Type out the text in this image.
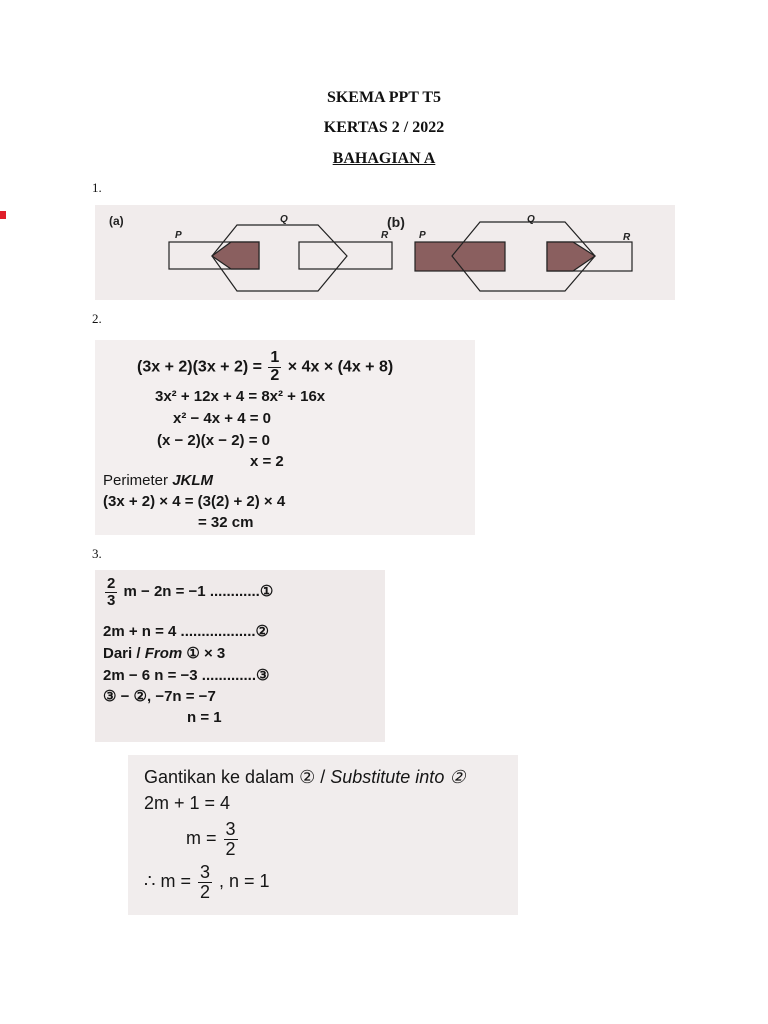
SKEMA PPT T5
KERTAS 2 / 2022
BAHAGIAN A
1.
(a)
P
Q
R
(b)
P
Q
R
2.
$(3x + 2)(3x + 2) = \frac{1}{2} \times 4x \times (4x + 8)$
3x² + 12x + 4 = 8x² + 16x
x² − 4x + 4 = 0
(x − 2)(x − 2) = 0
x = 2
Perimeter JKLM
(3x + 2) × 4 = (3(2) + 2) × 4
= 32 cm
3.
$\frac{2}{3}$ m − 2n = −1 ............①
2m + n = 4 ..................②
Dari / From ① × 3
2m − 6 n = −3 .............③
③ − ②, −7n = −7
n = 1
Gantikan ke dalam ② / Substitute into ②
2m + 1 = 4
$m = \frac{3}{2}$
∴ $m = \frac{3}{2}$ , n = 1
